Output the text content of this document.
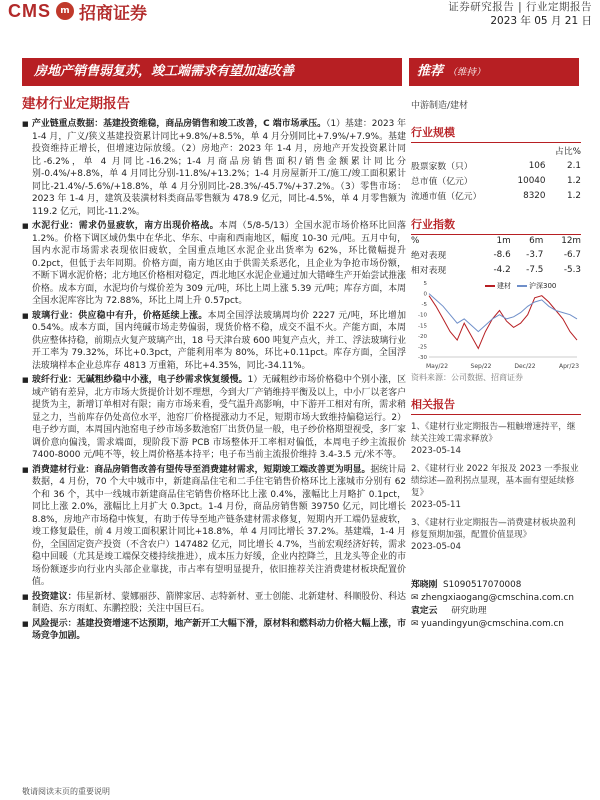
CMS	m 招商证券	证券研究报告 | 行业定期报告
2023 年 05 月 21 日
房地产销售弱复苏，竣工端需求有望加速改善	推荐 （维持）
建材行业定期报告
■ 产业链重点数据：基建投资维稳，商品房销售和竣工改善，C 端市场承压。（1）基建：2023 年 1-4 月，广义/狭义基建投资累计同比+9.8%/+8.5%，单 4 月分别同比+7.9%/+7.9%。基建投资维持正增长，但增速边际放缓。（2）房地产：2023 年 1-4 月，房地产开发投资累计同比-6.2%，单 4 月同比-16.2%；1-4 月商品房销售面积/销售金额累计同比分别-0.4%/+8.8%，单 4 月同比分别-11.8%/+13.2%；1-4 月房屋新开工/施工/竣工面积累计同比-21.4%/-5.6%/+18.8%，单 4 月分别同比-28.3%/-45.7%/+37.2%。（3）零售市场：2023 年 1-4 月，建筑及装潢材料类商品零售额为 478.9 亿元，同比-4.5%，单 4 月零售额为 119.2 亿元，同比-11.2%。
■ 水泥行业：需求仍显疲软，南方出现价格战。本周（5/8-5/13）全国水泥市场价格环比回落 1.2%。价格下调区域仍集中在华北、华东、中南和西南地区，幅度 10-30 元/吨。五月中旬，国内水泥市场需求表现依旧疲软，全国重点地区水泥企业出货率为 62%，环比微幅提升 0.2pct，但低于去年同期。价格方面，南方地区由于供需关系恶化，且企业为争抢市场份额，不断下调水泥价格；北方地区价格相对稳定，西北地区水泥企业通过加大错峰生产开始尝试推涨价格。成本方面，水泥均价与煤价差为 309 元/吨，环比上周上涨 5.39 元/吨；库存方面，本周全国水泥库容比为 72.88%，环比上周上升 0.57pct。
■ 玻璃行业：供应稳中有升，价格延续上涨。本周全国浮法玻璃周均价 2227 元/吨，环比增加 0.54%。成本方面，国内纯碱市场走势偏弱，现货价格不稳，成交不温不火。产能方面，本周供应整体持稳，前期点火复产玻璃产出，18 号天津台玻 600 吨复产点火，并工、浮法玻璃行业开工率为 79.32%，环比+0.3pct，产能利用率为 80%，环比+0.11pct。库存方面，全国浮法玻璃样本企业总库存 4813 万重箱，环比+4.35%，同比-34.11%。
■ 玻纤行业：无碱粗纱稳中小涨，电子纱需求恢复缓慢。1）无碱粗纱市场价格稳中个别小涨，区域产销有差异，北方市场大货提价计划不理想，今到大厂产销维持平衡及以上，中小厂以老客户提货为主，新增订单相对有限；南方市场来看，受气温升高影响，中下游开工相对有所，需求稍显之力，当前库存仍处高位水平，池窑厂价格提涨动力不足，短期市场大致维持偏稳运行。2）电子纱方面，本周国内池窑电子纱市场多数池窑厂出货仍显一般，电子纱价格期望视受，多厂家调价意向偏浅，需求端面，现阶段下游 PCB 市场整体开工率相对偏低，本周电子纱主流报价 7400-8000 元/吨不等，较上周价格基本持平；电子布当前主流报价维持 3.4-3.5 元/米不等。
■ 消费建材行业：商品房销售改善有望传导至消费建材需求，短期竣工端改善更为明显。据统计局数据，4 月份，70 个大中城市中，新建商品住宅和二手住宅销售价格环比上涨城市分别有 62 个和 36 个，其中一线城市新建商品住宅销售价格环比上涨 0.4%，涨幅比上月略扩 0.1pct，同比上涨 2.0%，涨幅比上月扩大 0.3pct。1-4 月份，商品房销售额 39750 亿元，同比增长 8.8%，房地产市场稳中恢复，有助于传导至地产链条建材需求修复，短期内开工端仍显疲软，竣工修复最佳，前 4 月竣工面积累计同比+18.8%，单 4 月同比增长 37.2%。基建端，1-4 月份，全国固定资产投资（不含农户）147482 亿元，同比增长 4.7%，当前宏观经济好转，需求稳中回暖（尤其是竣工端保交楼持续推进），成本压力好缓，企业内控降兰，且龙头等企业的市场份额逐步向行业内头部企业靠拢，市占率有望明显提升，依旧推荐关注消费建材板块配置价值。
■ 投资建议：伟星新材、蒙娜丽莎、箭牌家居、志特新材、亚士创能、北新建材、科顺股份、科达制造、东方雨虹、东鹏控股；关注中国巨石。
■ 风险提示：基建投资增速不达预期，地产新开工大幅下滑，原材料和燃料动力价格大幅上涨，市场竞争加剧。
中游制造/建材
行业规模
		占比%
股票家数（只）	106	2.1
总市值（亿元）	10040	1.2
流通市值（亿元）	8320	1.2
行业指数
%	1m	6m	12m
绝对表现	-8.6	-3.7	-6.7
相对表现	-4.2	-7.5	-5.3
5
0
-5
-10
-15
-20
-25
-30
May/22	Sep/22	Dec/22	Apr/23
建材	沪深300
资料来源：公司数据、招商证券
相关报告
1、《建材行业定期报告—粗触增速持平，继续关注竣工需求释放》
2023-05-14
2、《建材行业 2022 年报及 2023 一季报业绩综述—盈利拐点显现，基本面有望延续修复》
2023-05-11
3、《建材行业定期报告—消费建材板块盈利修复预期加强，配置价值显现》
2023-05-04
郑晓刚 S1090517070008
✉ zhengxiaogang@cmschina.com.cn
袁定云 研究助理
✉ yuandingyun@cmschina.com.cn
敬请阅读末页的重要说明
